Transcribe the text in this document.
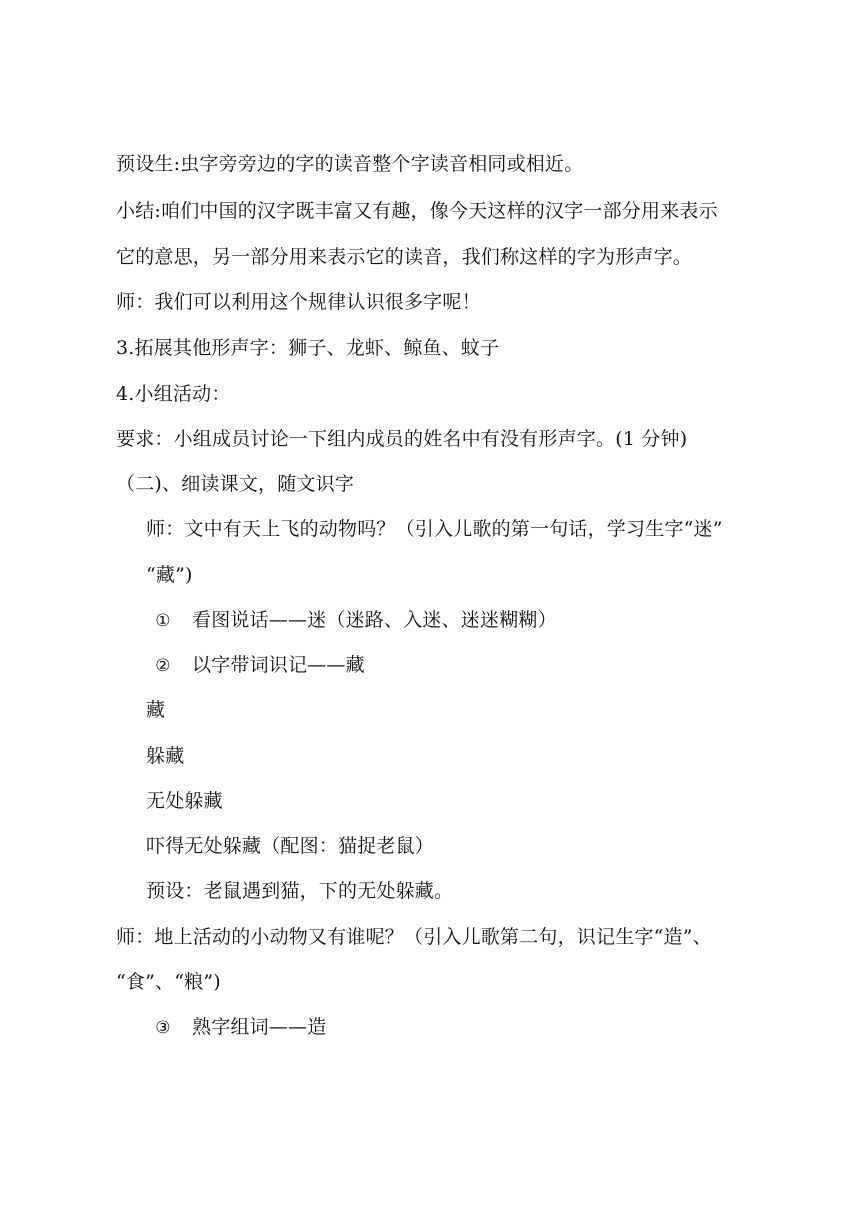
预设生:虫字旁旁边的字的读音整个字读音相同或相近。
小结:咱们中国的汉字既丰富又有趣，像今天这样的汉字一部分用来表示
它的意思，另一部分用来表示它的读音，我们称这样的字为形声字。
师：我们可以利用这个规律认识很多字呢！
3.拓展其他形声字：狮子、龙虾、鲸鱼、蚊子
4.小组活动：
要求：小组成员讨论一下组内成员的姓名中有没有形声字。(1 分钟)
（二)、细读课文，随文识字
师：文中有天上飞的动物吗？（引入儿歌的第一句话，学习生字“迷”
“藏”)
① 看图说话——迷（迷路、入迷、迷迷糊糊）
② 以字带词识记——藏
藏
躲藏
无处躲藏
吓得无处躲藏（配图：猫捉老鼠）
预设：老鼠遇到猫，下的无处躲藏。
师：地上活动的小动物又有谁呢？（引入儿歌第二句，识记生字“造”、
“食”、“粮”)
③ 熟字组词——造
